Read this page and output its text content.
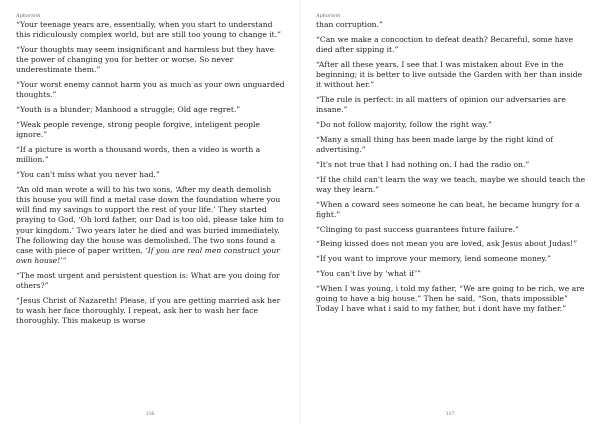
Aphorism

“Your teenage years are, essentially, when you start to understand this ridiculously complex world, but are still too young to change it.”

“Your thoughts may seem insignificant and harmless but they have the power of changing you for better or worse. So never underestimate them.”

“Your worst enemy cannot harm you as much as your own unguarded thoughts.”

“Youth is a blunder; Manhood a struggle; Old age regret.”

“Weak people revenge, strong people forgive, inteligent people ignore.”

“If a picture is worth a thousand words, then a video is worth a million.”

“You can't miss what you never had.”

“An old man wrote a will to his two sons, ‘After my death demolish this house you will find a metal case down the foundation where you will find my savings to support the rest of your life.’ They started praying to God, ‘Oh lord father, our Dad is too old, please take him to your kingdom.’ Two years later he died and was buried immediately. The following day the house was demolished. The two sons found a case with piece of paper written, ‘If you are real men construct your own house!’”

“The most urgent and persistent question is: What are you doing for others?”

“Jesus Christ of Nazareth! Please, if you are getting married ask her to wash her face thoroughly. I repeat, ask her to wash her face thoroughly. This makeup is worse

116
Aphorism

than corruption.”

“Can we make a concoction to defeat death? Becareful, some have died after sipping it.”

“After all these years, I see that I was mistaken about Eve in the beginning; it is better to live outside the Garden with her than inside it without her.”

“The rule is perfect: in all matters of opinion our adversaries are insane.”

“Do not follow majority, follow the right way.”

“Many a small thing has been made large by the right kind of advertising.”

“It's not true that I had nothing on. I had the radio on.”

“If the child can't learn the way we teach, maybe we should teach the way they learn.”

“When a coward sees someone he can beat, he became hungry for a fight.”

“Clinging to past success guarantees future failure.”

“Being kissed does not mean you are loved, ask Jesus about Judas!”

“If you want to improve your memory, lend someone money.”

“You can't live by ‘what if’”

“When I was young, i told my father, “We are going to be rich, we are going to have a big house.” Then he said, “Son, thats impossible” Today I have what i said to my father, but i dont have my father.”

117
